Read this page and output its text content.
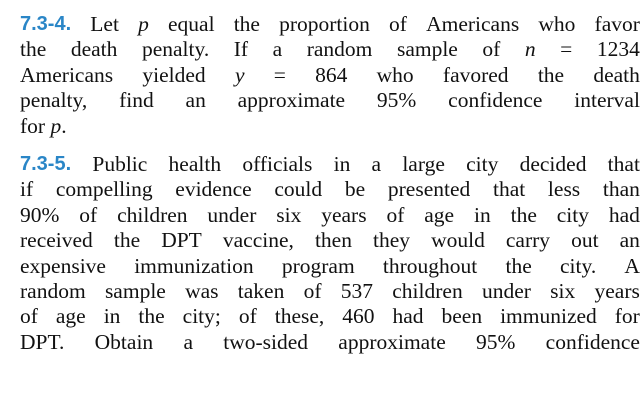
7.3-4. Let p equal the proportion of Americans who favor
the death penalty. If a random sample of n = 1234
Americans yielded y = 864 who favored the death
penalty, find an approximate 95% confidence interval
for p .
7.3-5. Public health officials in a large city decided that
if compelling evidence could be presented that less than
90% of children under six years of age in the city had
received the DPT vaccine, then they would carry out an
expensive immunization program throughout the city. A
random sample was taken of 537 children under six years
of age in the city; of these, 460 had been immunized for
DPT. Obtain a two-sided approximate 95% confidence
